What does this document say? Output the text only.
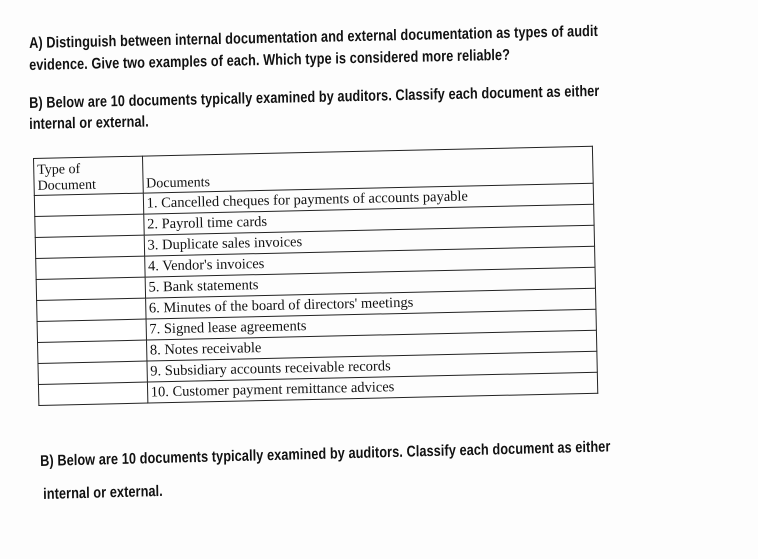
A) Distinguish between internal documentation and external documentation as types of audit
evidence. Give two examples of each. Which type is considered more reliable?
B) Below are 10 documents typically examined by auditors. Classify each document as either
internal or external.
Type of Document	Documents
	1. Cancelled cheques for payments of accounts payable
	2. Payroll time cards
	3. Duplicate sales invoices
	4. Vendor's invoices
	5. Bank statements
	6. Minutes of the board of directors' meetings
	7. Signed lease agreements
	8. Notes receivable
	9. Subsidiary accounts receivable records
	10. Customer payment remittance advices
B) Below are 10 documents typically examined by auditors. Classify each document as either
internal or external.
